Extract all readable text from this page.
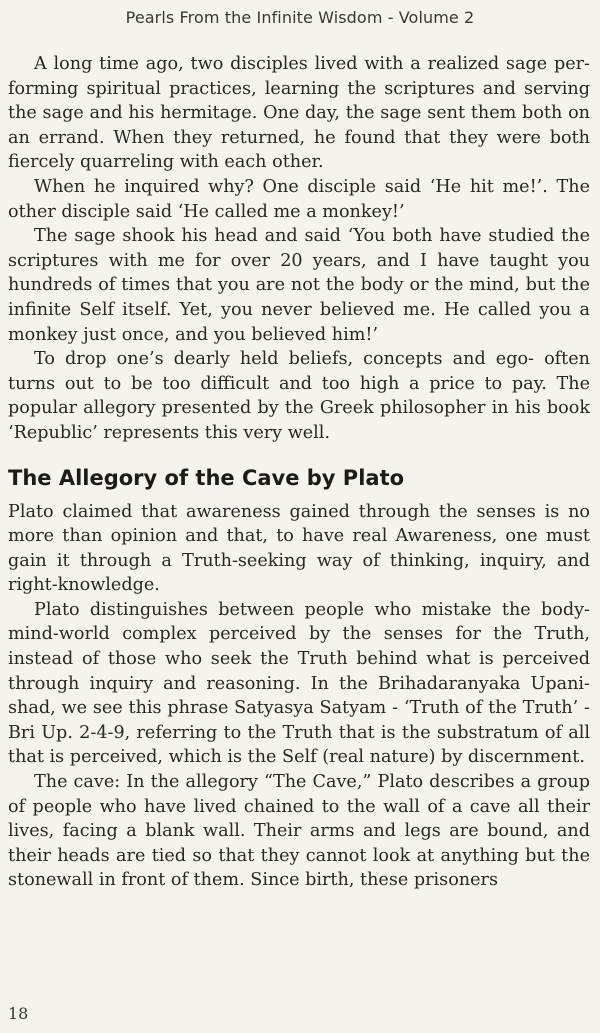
Pearls From the Infinite Wisdom - Volume 2

A long time ago, two disciples lived with a realized sage performing spiritual practices, learning the scriptures and serving the sage and his hermitage. One day, the sage sent them both on an errand. When they returned, he found that they were both fiercely quarreling with each other.

When he inquired why? One disciple said ‘He hit me!’. The other disciple said ‘He called me a monkey!’

The sage shook his head and said ‘You both have studied the scriptures with me for over 20 years, and I have taught you hundreds of times that you are not the body or the mind, but the infinite Self itself. Yet, you never believed me. He called you a monkey just once, and you believed him!’

To drop one’s dearly held beliefs, concepts and ego- often turns out to be too difficult and too high a price to pay. The popular allegory presented by the Greek philosopher in his book ‘Republic’ represents this very well.

The Allegory of the Cave by Plato

Plato claimed that awareness gained through the senses is no more than opinion and that, to have real Awareness, one must gain it through a Truth-seeking way of thinking, inquiry, and right-knowledge.

Plato distinguishes between people who mistake the body-mind-world complex perceived by the senses for the Truth, instead of those who seek the Truth behind what is perceived through inquiry and reasoning. In the Brihadaranyaka Upanishad, we see this phrase Satyasya Satyam - ‘Truth of the Truth’ - Bri Up. 2-4-9, referring to the Truth that is the substratum of all that is perceived, which is the Self (real nature) by discernment.

The cave: In the allegory “The Cave,” Plato describes a group of people who have lived chained to the wall of a cave all their lives, facing a blank wall. Their arms and legs are bound, and their heads are tied so that they cannot look at anything but the stonewall in front of them. Since birth, these prisoners

18
